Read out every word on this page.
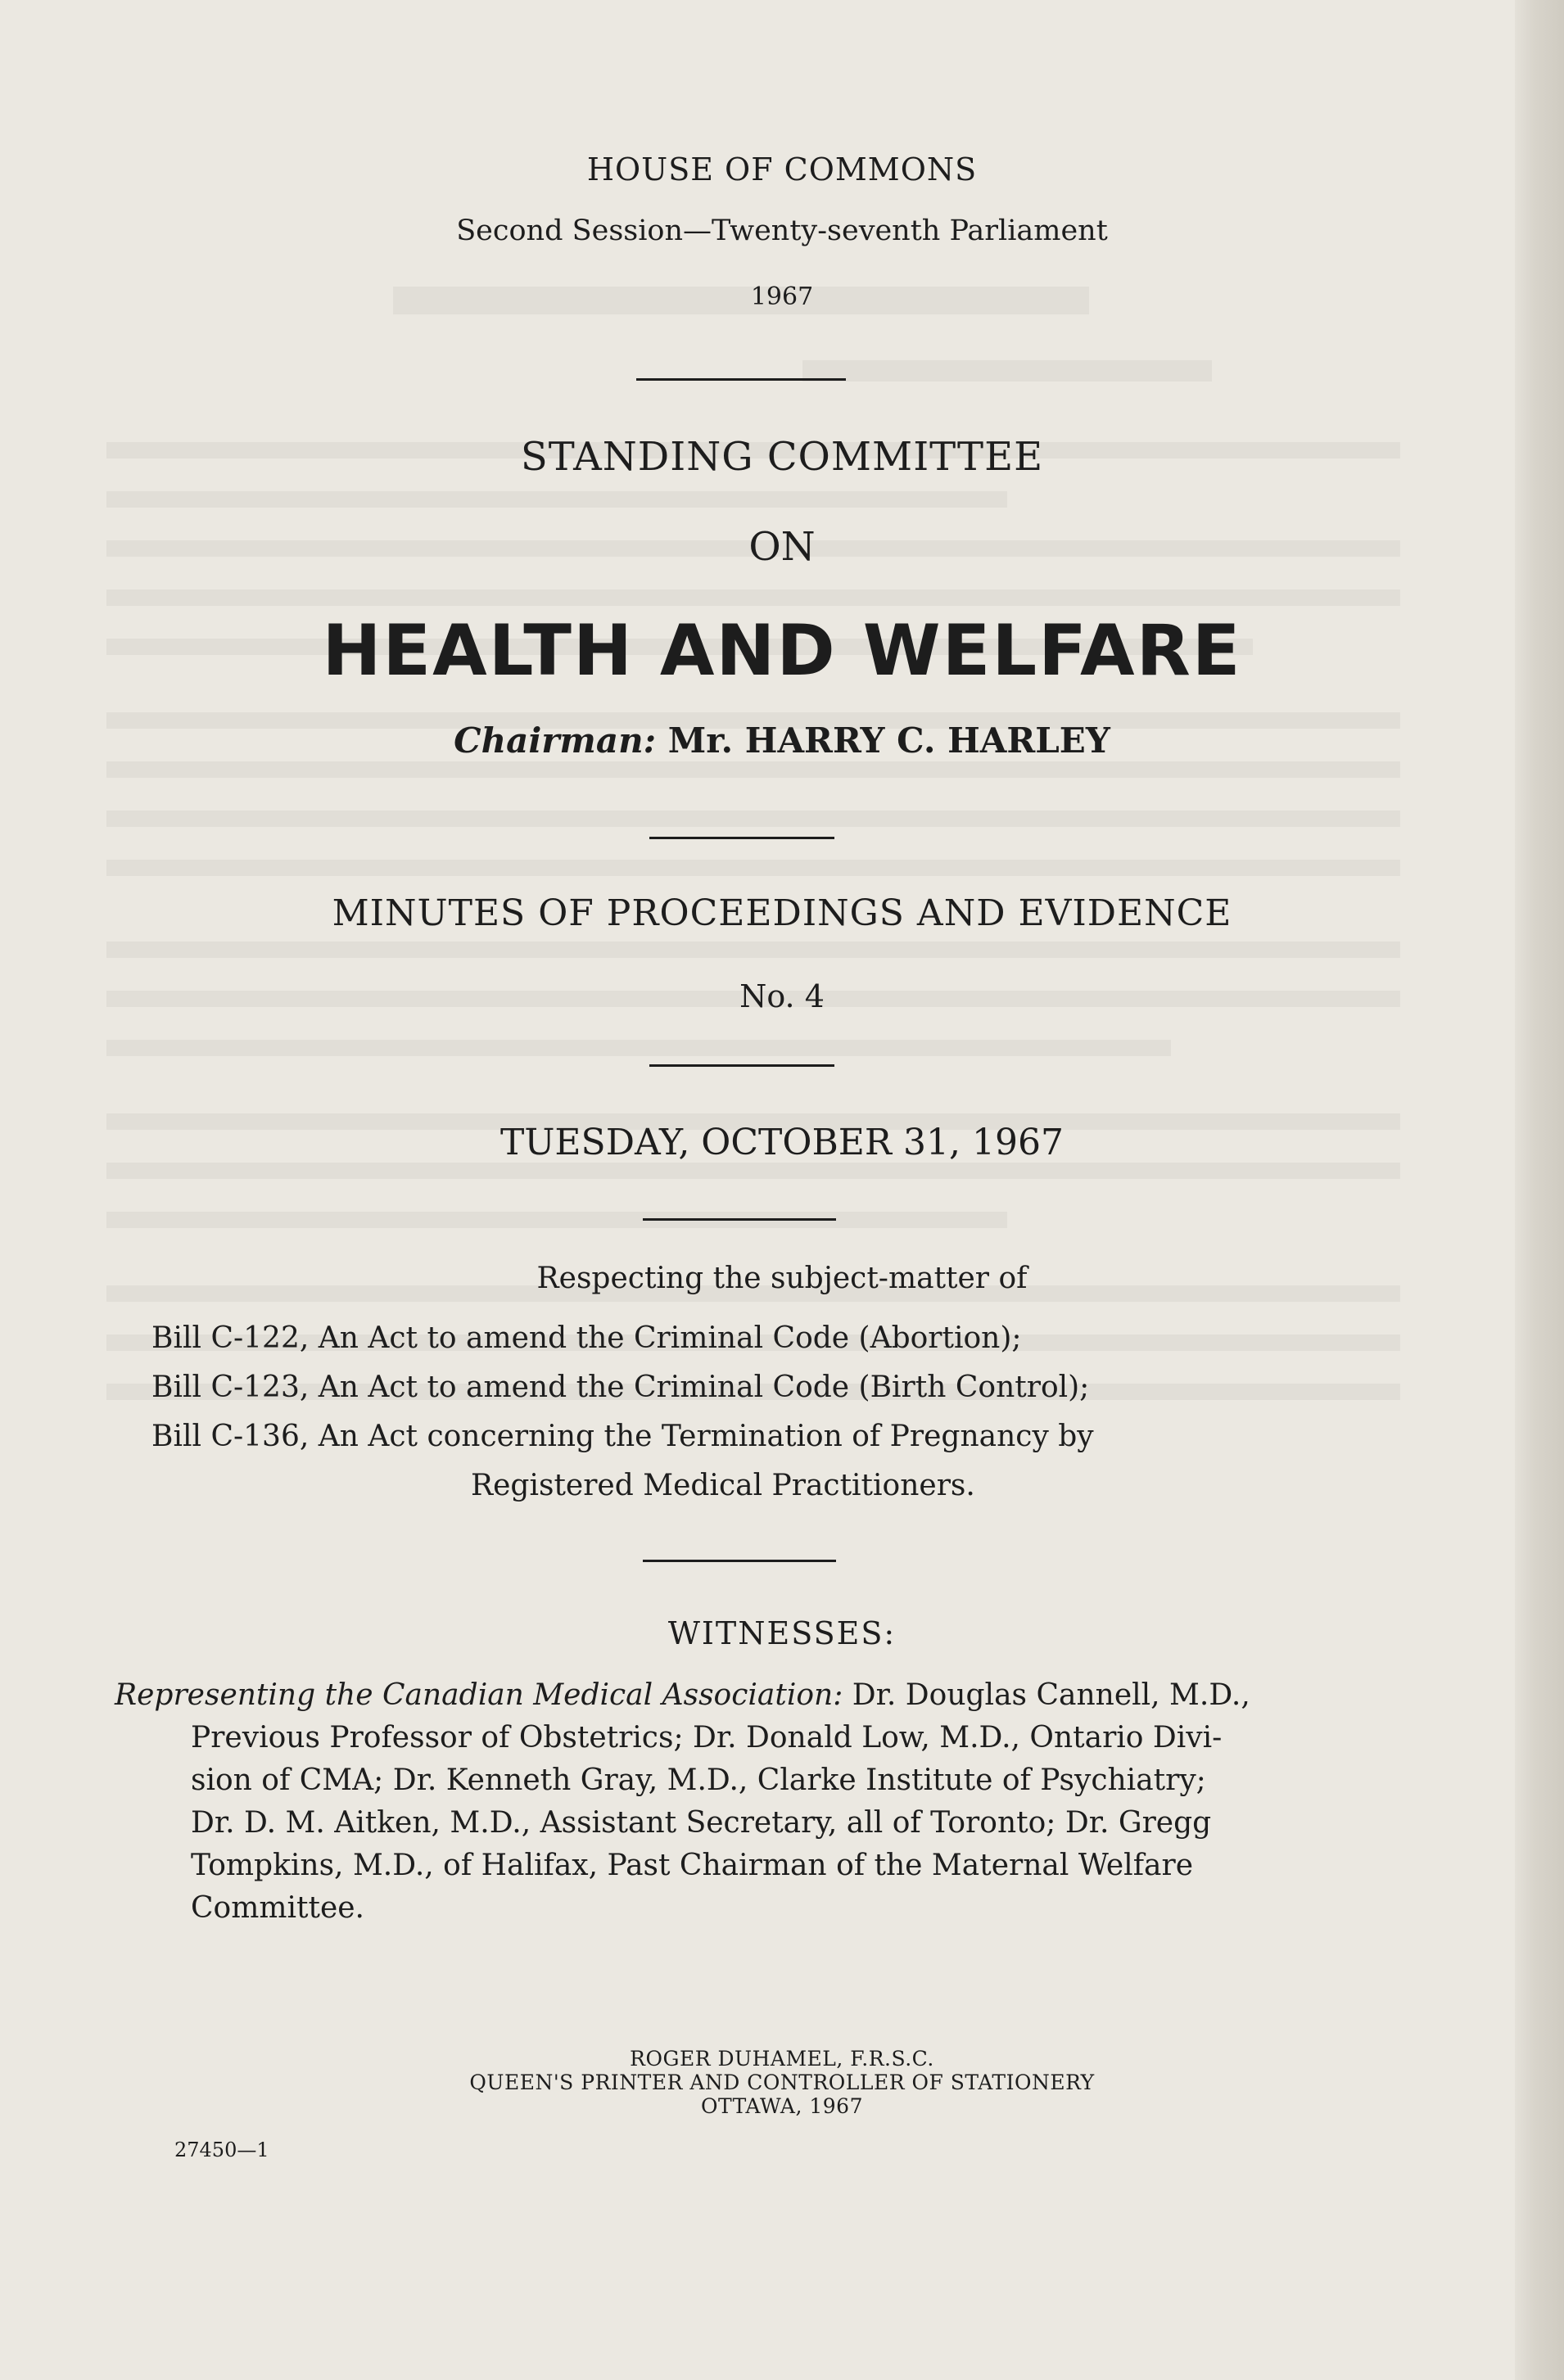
HOUSE OF COMMONS
Second Session—Twenty-seventh Parliament
1967
STANDING COMMITTEE
ON
HEALTH AND WELFARE
Chairman: Mr. HARRY C. HARLEY
MINUTES OF PROCEEDINGS AND EVIDENCE
No. 4
TUESDAY, OCTOBER 31, 1967
Respecting the subject-matter of
Bill C-122, An Act to amend the Criminal Code (Abortion);
Bill C-123, An Act to amend the Criminal Code (Birth Control);
Bill C-136, An Act concerning the Termination of Pregnancy by
Registered Medical Practitioners.
WITNESSES:
Representing the Canadian Medical Association: Dr. Douglas Cannell, M.D.,
Previous Professor of Obstetrics; Dr. Donald Low, M.D., Ontario Divi-
sion of CMA; Dr. Kenneth Gray, M.D., Clarke Institute of Psychiatry;
Dr. D. M. Aitken, M.D., Assistant Secretary, all of Toronto; Dr. Gregg
Tompkins, M.D., of Halifax, Past Chairman of the Maternal Welfare
Committee.
ROGER DUHAMEL, F.R.S.C.
QUEEN'S PRINTER AND CONTROLLER OF STATIONERY
OTTAWA, 1967
27450—1
